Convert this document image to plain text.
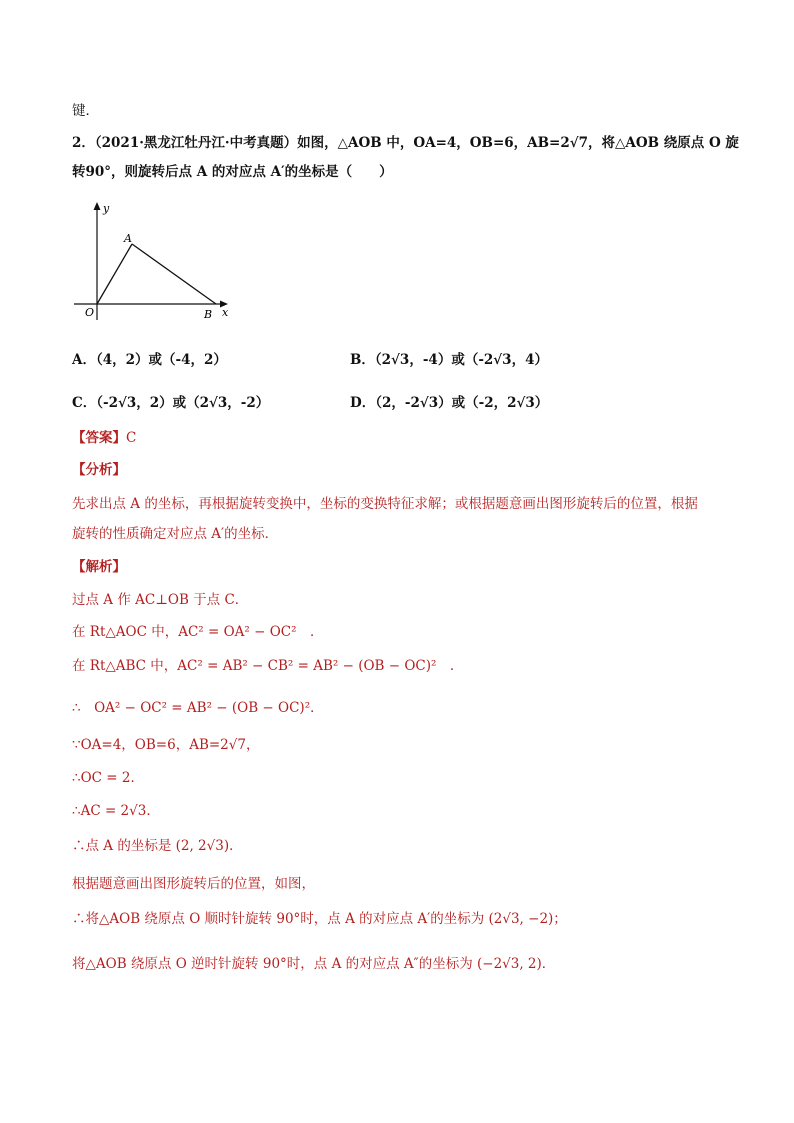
键．
2．（2021·黑龙江牡丹江·中考真题）如图，△AOB 中，OA=4，OB=6，AB=2√7，将△AOB 绕原点 O 旋
转90°，则旋转后点 A 的对应点 A′的坐标是（　　）
y
x
A
O	B
A．（4，2）或（-4，2）	B．（2√3，-4）或（-2√3，4）
C．（-2√3，2）或（2√3，-2）	D．（2，-2√3）或（-2，2√3）
【答案】C
【分析】
先求出点 A 的坐标，再根据旋转变换中，坐标的变换特征求解；或根据题意画出图形旋转后的位置，根据
旋转的性质确定对应点 A′的坐标．
【解析】
过点 A 作 AC⊥OB 于点 C．
在 Rt△AOC 中，AC² = OA² − OC²　．
在 Rt△ABC 中，AC² = AB² − CB² = AB² − (OB − OC)²　．
∴　OA² − OC² = AB² − (OB − OC)²．
∵OA=4，OB=6，AB=2√7，
∴OC = 2．
∴AC = 2√3．
∴点 A 的坐标是 (2, 2√3)．
根据题意画出图形旋转后的位置，如图，
∴将△AOB 绕原点 O 顺时针旋转 90°时，点 A 的对应点 A′的坐标为 (2√3, −2)；
将△AOB 绕原点 O 逆时针旋转 90°时，点 A 的对应点 A″的坐标为 (−2√3, 2)．
